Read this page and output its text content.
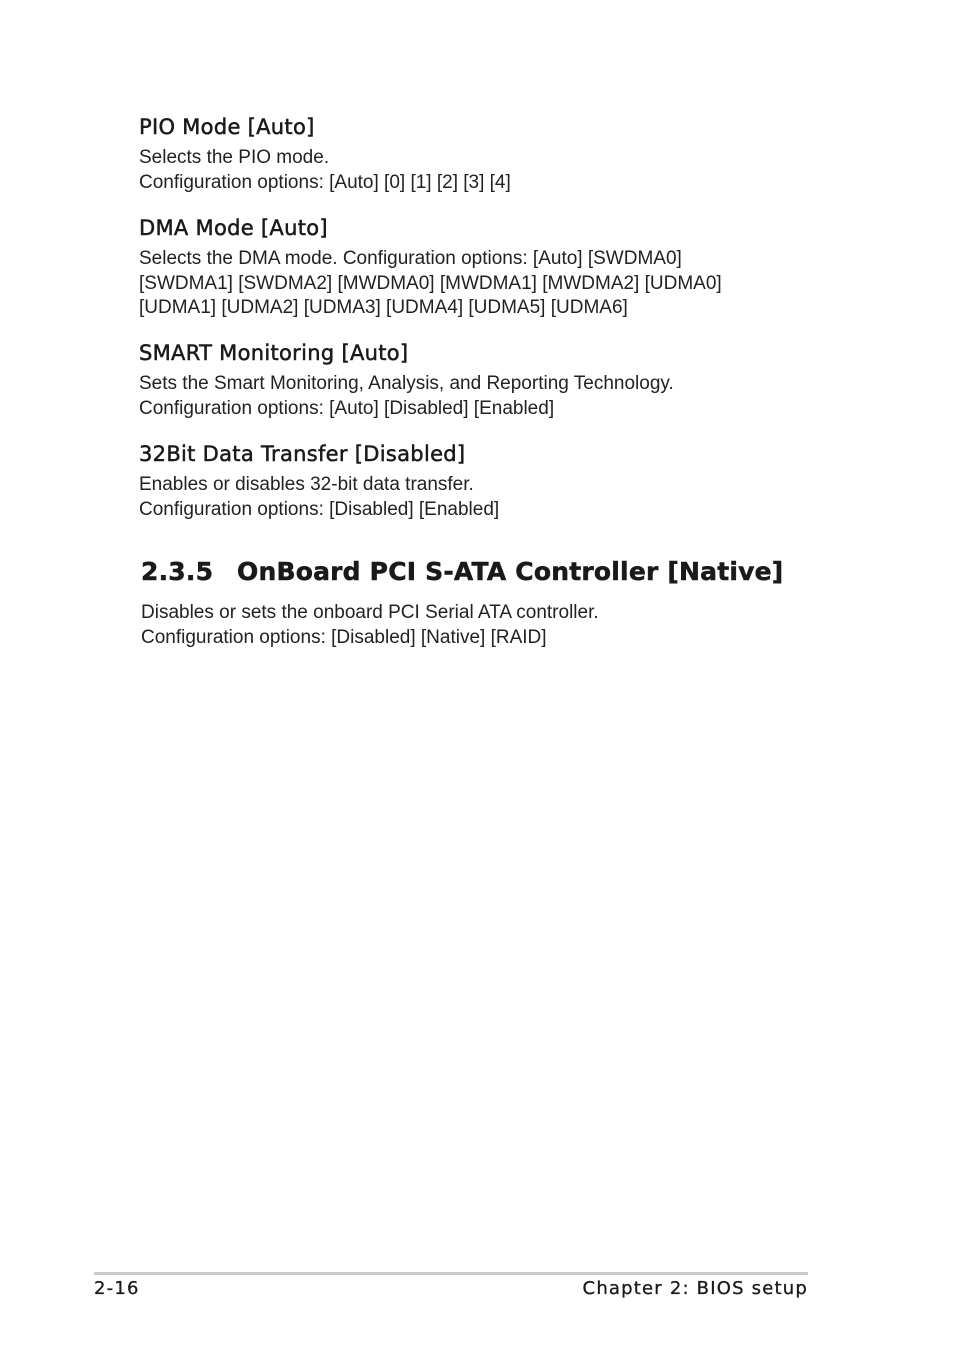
PIO Mode [Auto]

Selects the PIO mode.
Configuration options: [Auto] [0] [1] [2] [3] [4]

DMA Mode [Auto]

Selects the DMA mode. Configuration options: [Auto] [SWDMA0]
[SWDMA1] [SWDMA2] [MWDMA0] [MWDMA1] [MWDMA2] [UDMA0]
[UDMA1] [UDMA2] [UDMA3] [UDMA4] [UDMA5] [UDMA6]

SMART Monitoring [Auto]

Sets the Smart Monitoring, Analysis, and Reporting Technology.
Configuration options: [Auto] [Disabled] [Enabled]

32Bit Data Transfer [Disabled]

Enables or disables 32-bit data transfer.
Configuration options: [Disabled] [Enabled]

2.3.5 OnBoard PCI S-ATA Controller [Native]

Disables or sets the onboard PCI Serial ATA controller.
Configuration options: [Disabled] [Native] [RAID]

2-16	Chapter 2: BIOS setup
